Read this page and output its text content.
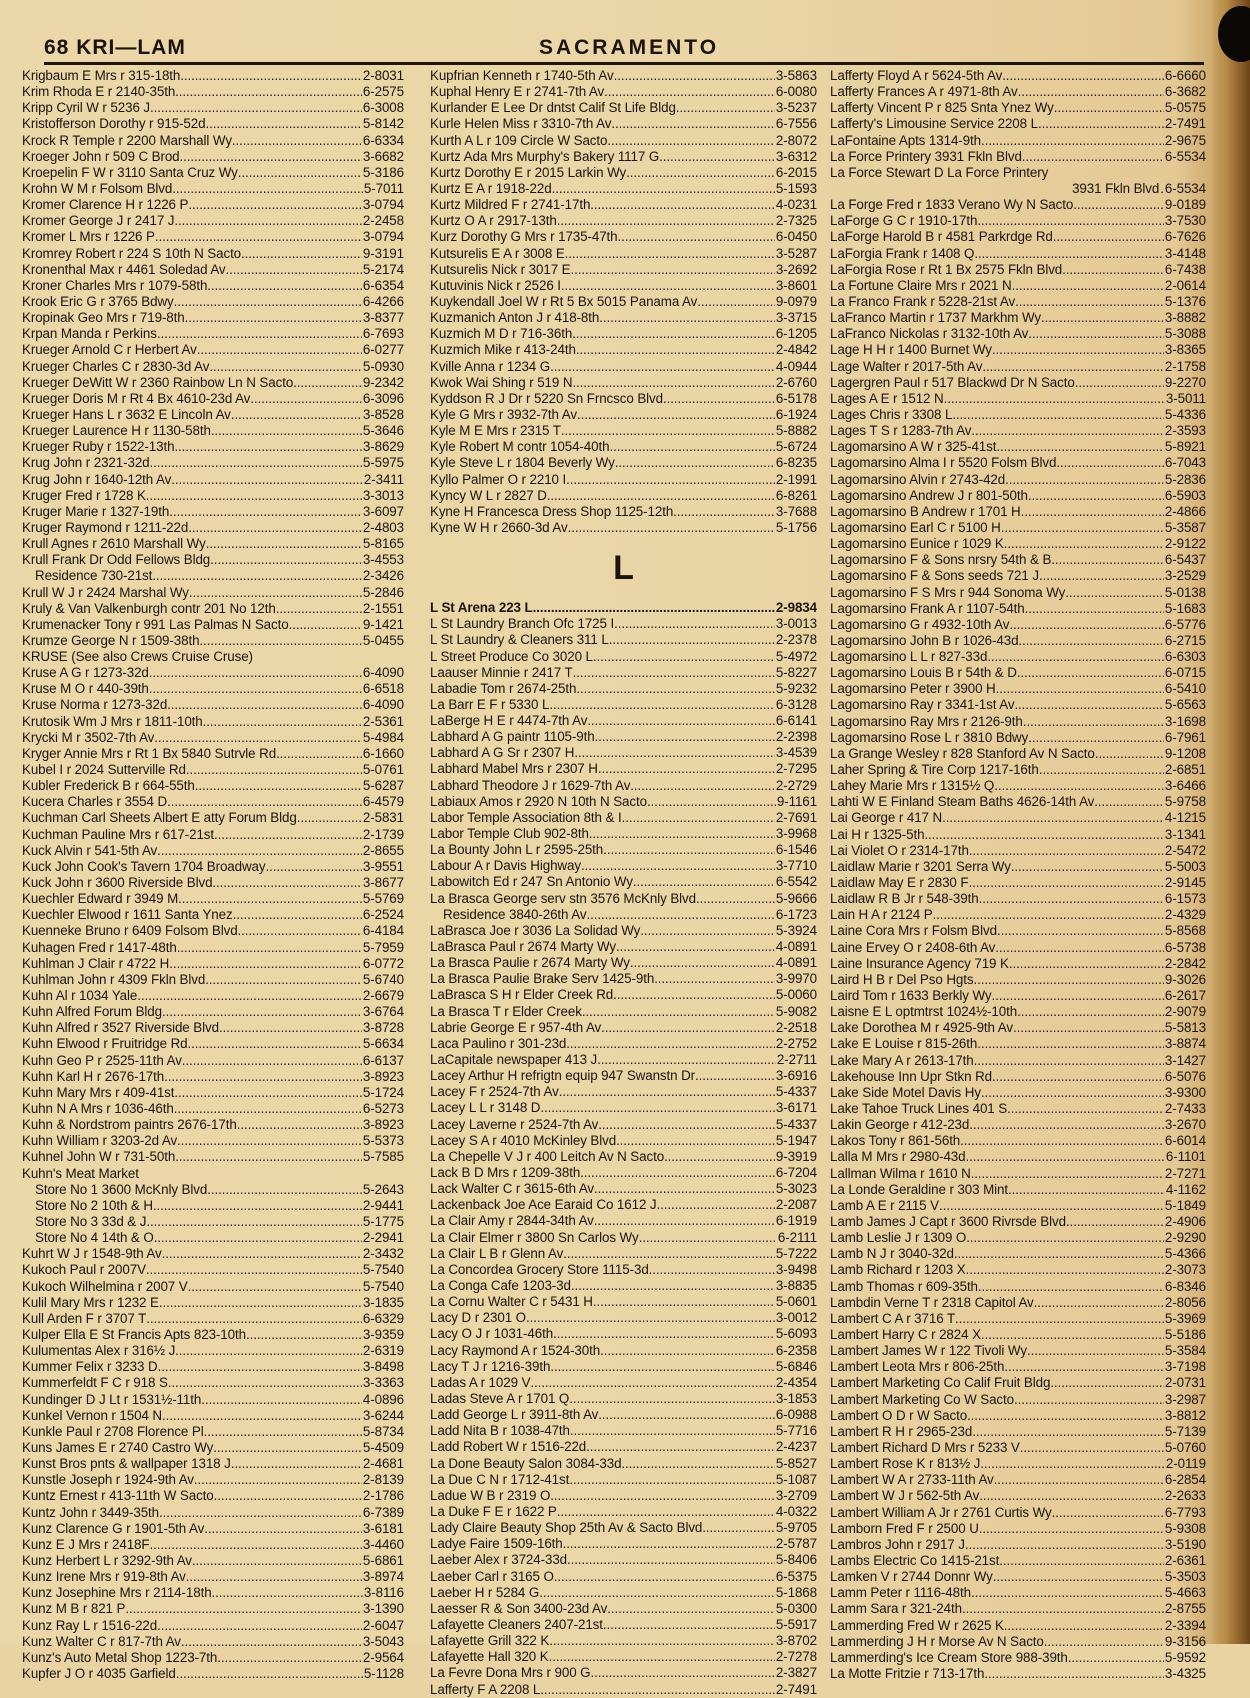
68 KRI—LAM	SACRAMENTO
Krigbaum E Mrs r 315-18th .....	2-8031
Krim Rhoda E r 2140-35th .....	6-2575
Kripp Cyril W r 5236 J .....	6-3008
Kristofferson Dorothy r 915-52d .....	5-8142
Krock R Temple r 2200 Marshall Wy .....	6-6334
Kroeger John r 509 C Brod .....	3-6682
Kroepelin F W r 3110 Santa Cruz Wy .....	5-3186
Krohn W M r Folsom Blvd .....	5-7011
Kromer Clarence H r 1226 P .....	3-0794
Kromer George J r 2417 J .....	2-2458
Kromer L Mrs r 1226 P .....	3-0794
Kromrey Robert r 224 S 10th N Sacto .....	9-3191
Kronenthal Max r 4461 Soledad Av .....	5-2174
Kroner Charles Mrs r 1079-58th .....	6-6354
Krook Eric G r 3765 Bdwy .....	6-4266
Kropinak Geo Mrs r 719-8th .....	3-8377
Krpan Manda r Perkins .....	6-7693
Krueger Arnold C r Herbert Av .....	6-0277
Krueger Charles C r 2830-3d Av .....	5-0930
Krueger DeWitt W r 2360 Rainbow Ln N Sacto .....	9-2342
Krueger Doris M r Rt 4 Bx 4610-23d Av .....	6-3096
Krueger Hans L r 3632 E Lincoln Av .....	3-8528
Krueger Laurence H r 1130-58th .....	5-3646
Krueger Ruby r 1522-13th .....	3-8629
Krug John r 2321-32d .....	5-5975
Krug John r 1640-12th Av .....	2-3411
Kruger Fred r 1728 K .....	3-3013
Kruger Marie r 1327-19th .....	3-6097
Kruger Raymond r 1211-22d .....	2-4803
Krull Agnes r 2610 Marshall Wy .....	5-8165
Krull Frank Dr Odd Fellows Bldg .....	3-4553
Residence 730-21st .....	2-3426
Krull W J r 2424 Marshal Wy .....	5-2846
Kruly & Van Valkenburgh contr 201 No 12th .....	2-1551
Krumenacker Tony r 991 Las Palmas N Sacto .....	9-1421
Krumze George N r 1509-38th .....	5-0455
KRUSE (See also Crews Cruise Cruse)
Kruse A G r 1273-32d .....	6-4090
Kruse M O r 440-39th .....	6-6518
Kruse Norma r 1273-32d .....	6-4090
Krutosik Wm J Mrs r 1811-10th .....	2-5361
Krycki M r 3502-7th Av .....	5-4984
Kryger Annie Mrs r Rt 1 Bx 5840 Sutrvle Rd .....	6-1660
Kubel I r 2024 Sutterville Rd .....	5-0761
Kubler Frederick B r 664-55th .....	5-6287
Kucera Charles r 3554 D .....	6-4579
Kuchman Carl Sheets Albert E atty Forum Bldg .....	2-5831
Kuchman Pauline Mrs r 617-21st .....	2-1739
Kuck Alvin r 541-5th Av .....	2-8655
Kuck John Cook's Tavern 1704 Broadway .....	3-9551
Kuck John r 3600 Riverside Blvd .....	3-8677
Kuechler Edward r 3949 M .....	5-5769
Kuechler Elwood r 1611 Santa Ynez .....	6-2524
Kuenneke Bruno r 6409 Folsom Blvd .....	6-4184
Kuhagen Fred r 1417-48th .....	5-7959
Kuhlman J Clair r 4722 H .....	6-0772
Kuhlman John r 4309 Fkln Blvd .....	5-6740
Kuhn Al r 1034 Yale .....	2-6679
Kuhn Alfred Forum Bldg .....	3-6764
Kuhn Alfred r 3527 Riverside Blvd .....	3-8728
Kuhn Elwood r Fruitridge Rd .....	5-6634
Kuhn Geo P r 2525-11th Av .....	6-6137
Kuhn Karl H r 2676-17th .....	3-8923
Kuhn Mary Mrs r 409-41st .....	5-1724
Kuhn N A Mrs r 1036-46th .....	6-5273
Kuhn & Nordstrom paintrs 2676-17th .....	3-8923
Kuhn William r 3203-2d Av .....	5-5373
Kuhnel John W r 731-50th .....	5-7585
Kuhn's Meat Market
Store No 1 3600 McKnly Blvd .....	5-2643
Store No 2 10th & H .....	2-9441
Store No 3 33d & J .....	5-1775
Store No 4 14th & O .....	2-2941
Kuhrt W J r 1548-9th Av .....	2-3432
Kukoch Paul r 2007V .....	5-7540
Kukoch Wilhelmina r 2007 V .....	5-7540
Kulil Mary Mrs r 1232 E .....	3-1835
Kull Arden F r 3707 T .....	6-6329
Kulper Ella E St Francis Apts 823-10th .....	3-9359
Kulumentas Alex r 316½ J .....	2-6319
Kummer Felix r 3233 D .....	3-8498
Kummerfeldt F C r 918 S .....	3-3363
Kundinger D J Lt r 1531½-11th .....	4-0896
Kunkel Vernon r 1504 N .....	3-6244
Kunkle Paul r 2708 Florence Pl .....	5-8734
Kuns James E r 2740 Castro Wy .....	5-4509
Kunst Bros pnts & wallpaper 1318 J .....	2-4681
Kunstle Joseph r 1924-9th Av .....	2-8139
Kuntz Ernest r 413-11th W Sacto .....	2-1786
Kuntz John r 3449-35th .....	6-7389
Kunz Clarence G r 1901-5th Av .....	3-6181
Kunz E J Mrs r 2418F .....	3-4460
Kunz Herbert L r 3292-9th Av .....	5-6861
Kunz Irene Mrs r 919-8th Av .....	3-8974
Kunz Josephine Mrs r 2114-18th .....	3-8116
Kunz M B r 821 P .....	3-1390
Kunz Ray L r 1516-22d .....	2-6047
Kunz Walter C r 817-7th Av .....	3-5043
Kunz's Auto Metal Shop 1223-7th .....	2-9564
Kupfer J O r 4035 Garfield .....	5-1128
Kupfrian Kenneth r 1740-5th Av .....	3-5863
Kuphal Henry E r 2741-7th Av .....	6-0080
Kurlander E Lee Dr dntst Calif St Life Bldg .....	3-5237
Kurle Helen Miss r 3310-7th Av .....	6-7556
Kurth A L r 109 Circle W Sacto .....	2-8072
Kurtz Ada Mrs Murphy's Bakery 1117 G .....	3-6312
Kurtz Dorothy E r 2015 Larkin Wy .....	6-2015
Kurtz E A r 1918-22d .....	5-1593
Kurtz Mildred F r 2741-17th .....	4-0231
Kurtz O A r 2917-13th .....	2-7325
Kurz Dorothy G Mrs r 1735-47th .....	6-0450
Kutsurelis E A r 3008 E .....	3-5287
Kutsurelis Nick r 3017 E .....	3-2692
Kutuvinis Nick r 2526 I .....	3-8601
Kuykendall Joel W r Rt 5 Bx 5015 Panama Av .....	9-0979
Kuzmanich Anton J r 418-8th .....	3-3715
Kuzmich M D r 716-36th .....	6-1205
Kuzmich Mike r 413-24th .....	2-4842
Kville Anna r 1234 G .....	4-0944
Kwok Wai Shing r 519 N .....	2-6760
Kyddson R J Dr r 5220 Sn Frncsco Blvd .....	6-5178
Kyle G Mrs r 3932-7th Av .....	6-1924
Kyle M E Mrs r 2315 T .....	5-8882
Kyle Robert M contr 1054-40th .....	5-6724
Kyle Steve L r 1804 Beverly Wy .....	6-8235
Kyllo Palmer O r 2210 I .....	2-1991
Kyncy W L r 2827 D .....	6-8261
Kyne H Francesca Dress Shop 1125-12th .....	3-7688
Kyne W H r 2660-3d Av .....	5-1756
L
L St Arena 223 L .....	2-9834
L St Laundry Branch Ofc 1725 I .....	3-0013
L St Laundry & Cleaners 311 L .....	2-2378
L Street Produce Co 3020 L .....	5-4972
Laauser Minnie r 2417 T .....	5-8227
Labadie Tom r 2674-25th .....	5-9232
La Barr E F r 5330 L .....	6-3128
LaBerge H E r 4474-7th Av .....	6-6141
Labhard A G paintr 1105-9th .....	2-2398
Labhard A G Sr r 2307 H .....	3-4539
Labhard Mabel Mrs r 2307 H .....	2-7295
Labhard Theodore J r 1629-7th Av .....	2-2729
Labiaux Amos r 2920 N 10th N Sacto .....	9-1161
Labor Temple Association 8th & I .....	2-7691
Labor Temple Club 902-8th .....	3-9968
La Bounty John L r 2595-25th .....	6-1546
Labour A r Davis Highway .....	3-7710
Labowitch Ed r 247 Sn Antonio Wy .....	6-5542
La Brasca George serv stn 3576 McKnly Blvd .....	5-9666
Residence 3840-26th Av .....	6-1723
LaBrasca Joe r 3036 La Solidad Wy .....	5-3924
LaBrasca Paul r 2674 Marty Wy .....	4-0891
La Brasca Paulie r 2674 Marty Wy .....	4-0891
La Brasca Paulie Brake Serv 1425-9th .....	3-9970
LaBrasca S H r Elder Creek Rd .....	5-0060
La Brasca T r Elder Creek .....	5-9082
Labrie George E r 957-4th Av .....	2-2518
Laca Paulino r 301-23d .....	2-2752
LaCapitale newspaper 413 J .....	2-2711
Lacey Arthur H refrigtn equip 947 Swanstn Dr .....	3-6916
Lacey F r 2524-7th Av .....	5-4337
Lacey L L r 3148 D .....	3-6171
Lacey Laverne r 2524-7th Av .....	5-4337
Lacey S A r 4010 McKinley Blvd .....	5-1947
La Chepelle V J r 400 Leitch Av N Sacto .....	9-3919
Lack B D Mrs r 1209-38th .....	6-7204
Lack Walter C r 3615-6th Av .....	5-3023
Lackenback Joe Ace Earaid Co 1612 J .....	2-2087
La Clair Amy r 2844-34th Av .....	6-1919
La Clair Elmer r 3800 Sn Carlos Wy .....	6-2111
La Clair L B r Glenn Av .....	5-7222
La Concordea Grocery Store 1115-3d .....	3-9498
La Conga Cafe 1203-3d .....	3-8835
La Cornu Walter C r 5431 H .....	5-0601
Lacy D r 2301 O .....	3-0012
Lacy O J r 1031-46th .....	5-6093
Lacy Raymond A r 1524-30th .....	6-2358
Lacy T J r 1216-39th .....	5-6846
Ladas A r 1029 V .....	2-4354
Ladas Steve A r 1701 Q .....	3-1853
Ladd George L r 3911-8th Av .....	6-0988
Ladd Nita B r 1038-47th .....	5-7716
Ladd Robert W r 1516-22d .....	2-4237
La Done Beauty Salon 3084-33d .....	5-8527
La Due C N r 1712-41st .....	5-1087
Ladue W B r 2319 O .....	3-2709
La Duke F E r 1622 P .....	4-0322
Lady Claire Beauty Shop 25th Av & Sacto Blvd .....	5-9705
Ladye Faire 1509-16th .....	2-5787
Laeber Alex r 3724-33d .....	5-8406
Laeber Carl r 3165 O .....	6-5375
Laeber H r 5284 G .....	5-1868
Laesser R & Son 3400-23d Av .....	5-0300
Lafayette Cleaners 2407-21st .....	5-5917
Lafayette Grill 322 K .....	3-8702
Lafayette Hall 320 K .....	2-7278
La Fevre Dona Mrs r 900 G .....	2-3827
Lafferty F A 2208 L .....	2-7491
Lafferty Floyd A r 5624-5th Av .....	6-6660
Lafferty Frances A r 4971-8th Av .....	6-3682
Lafferty Vincent P r 825 Snta Ynez Wy .....	5-0575
Lafferty's Limousine Service 2208 L .....	2-7491
LaFontaine Apts 1314-9th .....	2-9675
La Force Printery 3931 Fkln Blvd .....	6-5534
La Force Stewart D La Force Printery
3931 Fkln Blvd . 6-5534
La Forge Fred r 1833 Verano Wy N Sacto .....	9-0189
LaForge G C r 1910-17th .....	3-7530
LaForge Harold B r 4581 Parkrdge Rd .....	6-7626
LaForgia Frank r 1408 Q .....	3-4148
LaForgia Rose r Rt 1 Bx 2575 Fkln Blvd .....	6-7438
La Fortune Claire Mrs r 2021 N .....	2-0614
La Franco Frank r 5228-21st Av .....	5-1376
LaFranco Martin r 1737 Markhm Wy .....	3-8882
LaFranco Nickolas r 3132-10th Av .....	5-3088
Lage H H r 1400 Burnet Wy .....	3-8365
Lage Walter r 2017-5th Av .....	2-1758
Lagergren Paul r 517 Blackwd Dr N Sacto .....	9-2270
Lages A E r 1512 N .....	3-5011
Lages Chris r 3308 L .....	5-4336
Lages T S r 1283-7th Av .....	2-3593
Lagomarsino A W r 325-41st .....	5-8921
Lagomarsino Alma I r 5520 Folsm Blvd .....	6-7043
Lagomarsino Alvin r 2743-42d .....	5-2836
Lagomarsino Andrew J r 801-50th .....	6-5903
Lagomarsino B Andrew r 1701 H .....	2-4866
Lagomarsino Earl C r 5100 H .....	5-3587
Lagomarsino Eunice r 1029 K .....	2-9122
Lagomarsino F & Sons nrsry 54th & B .....	6-5437
Lagomarsino F & Sons seeds 721 J .....	3-2529
Lagomarsino F S Mrs r 944 Sonoma Wy .....	5-0138
Lagomarsino Frank A r 1107-54th .....	5-1683
Lagomarsino G r 4932-10th Av .....	6-5776
Lagomarsino John B r 1026-43d .....	6-2715
Lagomarsino L L r 827-33d .....	6-6303
Lagomarsino Louis B r 54th & D .....	6-0715
Lagomarsino Peter r 3900 H .....	6-5410
Lagomarsino Ray r 3341-1st Av .....	5-6563
Lagomarsino Ray Mrs r 2126-9th .....	3-1698
Lagomarsino Rose L r 3810 Bdwy .....	6-7961
La Grange Wesley r 828 Stanford Av N Sacto .....	9-1208
Laher Spring & Tire Corp 1217-16th .....	2-6851
Lahey Marie Mrs r 1315½ Q .....	3-6466
Lahti W E Finland Steam Baths 4626-14th Av .....	5-9758
Lai George r 417 N .....	4-1215
Lai H r 1325-5th .....	3-1341
Lai Violet O r 2314-17th .....	2-5472
Laidlaw Marie r 3201 Serra Wy .....	5-5003
Laidlaw May E r 2830 F .....	2-9145
Laidlaw R B Jr r 548-39th .....	6-1573
Lain H A r 2124 P .....	2-4329
Laine Cora Mrs r Folsm Blvd .....	5-8568
Laine Ervey O r 2408-6th Av .....	6-5738
Laine Insurance Agency 719 K .....	2-2842
Laird H B r Del Pso Hgts .....	9-3026
Laird Tom r 1633 Berkly Wy .....	6-2617
Laisne E L optmtrst 1024½-10th .....	2-9079
Lake Dorothea M r 4925-9th Av .....	5-5813
Lake E Louise r 815-26th .....	3-8874
Lake Mary A r 2613-17th .....	3-1427
Lakehouse Inn Upr Stkn Rd .....	6-5076
Lake Side Motel Davis Hy .....	3-9300
Lake Tahoe Truck Lines 401 S .....	2-7433
Lakin George r 412-23d .....	3-2670
Lakos Tony r 861-56th .....	6-6014
Lalla M Mrs r 2980-43d .....	6-1101
Lallman Wilma r 1610 N .....	2-7271
La Londe Geraldine r 303 Mint .....	4-1162
Lamb A E r 2115 V .....	5-1849
Lamb James J Capt r 3600 Rivrsde Blvd .....	2-4906
Lamb Leslie J r 1309 O .....	2-9290
Lamb N J r 3040-32d .....	5-4366
Lamb Richard r 1203 X .....	2-3073
Lamb Thomas r 609-35th .....	6-8346
Lambdin Verne T r 2318 Capitol Av .....	2-8056
Lambert C A r 3716 T .....	5-3969
Lambert Harry C r 2824 X .....	5-5186
Lambert James W r 122 Tivoli Wy .....	5-3584
Lambert Leota Mrs r 806-25th .....	3-7198
Lambert Marketing Co Calif Fruit Bldg .....	2-0731
Lambert Marketing Co W Sacto .....	3-2987
Lambert O D r W Sacto .....	3-8812
Lambert R H r 2965-23d .....	5-7139
Lambert Richard D Mrs r 5233 V .....	5-0760
Lambert Rose K r 813½ J .....	2-0119
Lambert W A r 2733-11th Av .....	6-2854
Lambert W J r 562-5th Av .....	2-2633
Lambert William A Jr r 2761 Curtis Wy .....	6-7793
Lamborn Fred F r 2500 U .....	5-9308
Lambros John r 2917 J .....	3-5190
Lambs Electric Co 1415-21st .....	2-6361
Lamken V r 2744 Donnr Wy .....	5-3503
Lamm Peter r 1116-48th .....	5-4663
Lamm Sara r 321-24th .....	2-8755
Lammerding Fred W r 2625 K .....	2-3394
Lammerding J H r Morse Av N Sacto .....	9-3156
Lammerding's Ice Cream Store 988-39th .....	5-9592
La Motte Fritzie r 713-17th .....	3-4325
